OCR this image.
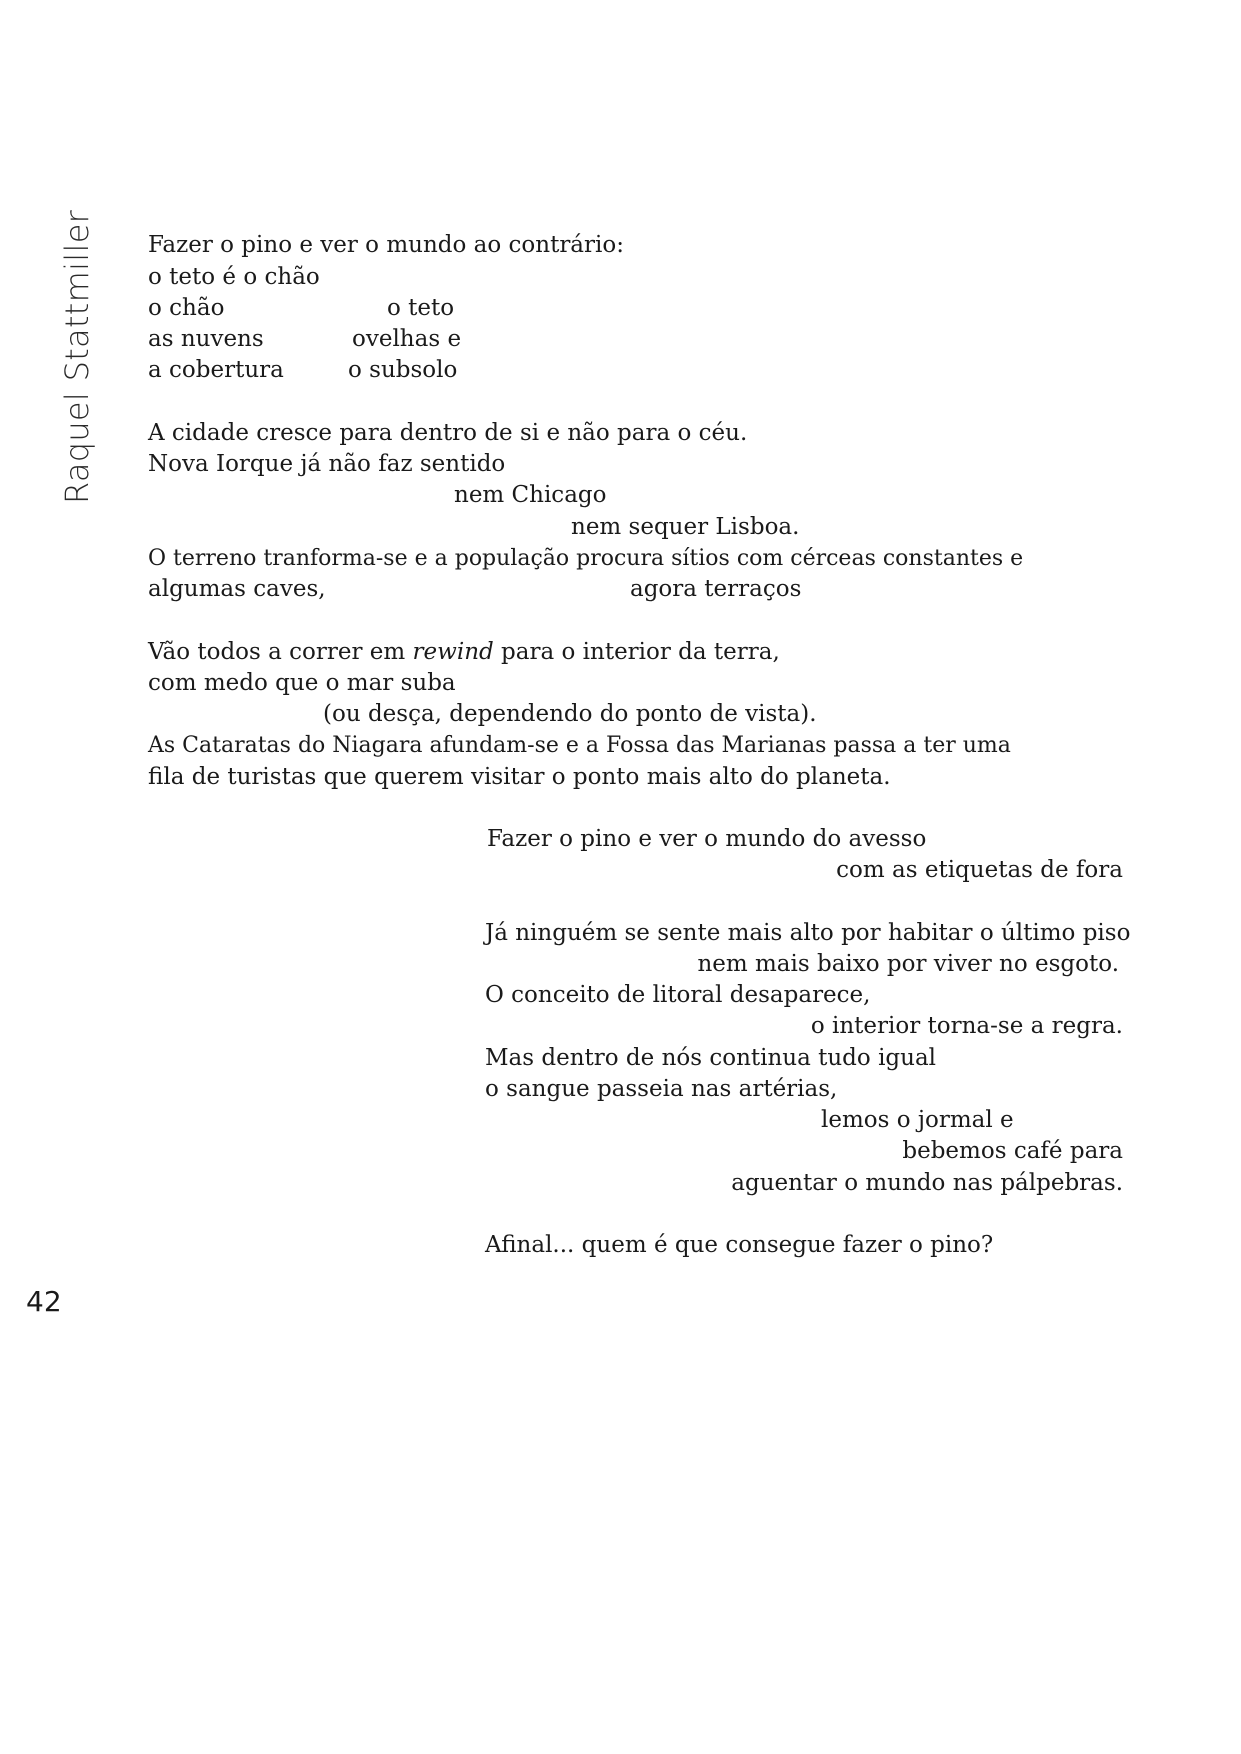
Raquel Stattmiller Fazer o pino e ver o mundo ao contrário:
o teto é o chão
o chão	o teto
as nuvens	ovelhas e
a cobertura	o subsolo
A cidade cresce para dentro de si e não para o céu.
Nova Iorque já não faz sentido
nem Chicago
nem sequer Lisboa.
O terreno tranforma-se e a população procura sítios com cérceas constantes e
algumas caves,	agora terraços
Vão todos a correr em rewind para o interior da terra,
com medo que o mar suba
(ou desça, dependendo do ponto de vista).
As Cataratas do Niagara afundam-se e a Fossa das Marianas passa a ter uma
fila de turistas que querem visitar o ponto mais alto do planeta.
Fazer o pino e ver o mundo do avesso
com as etiquetas de fora
Já ninguém se sente mais alto por habitar o último piso
nem mais baixo por viver no esgoto.
O conceito de litoral desaparece,
o interior torna-se a regra.
Mas dentro de nós continua tudo igual
o sangue passeia nas artérias,
lemos o jormal e
bebemos café para
aguentar o mundo nas pálpebras.
Afinal... quem é que consegue fazer o pino?
42
